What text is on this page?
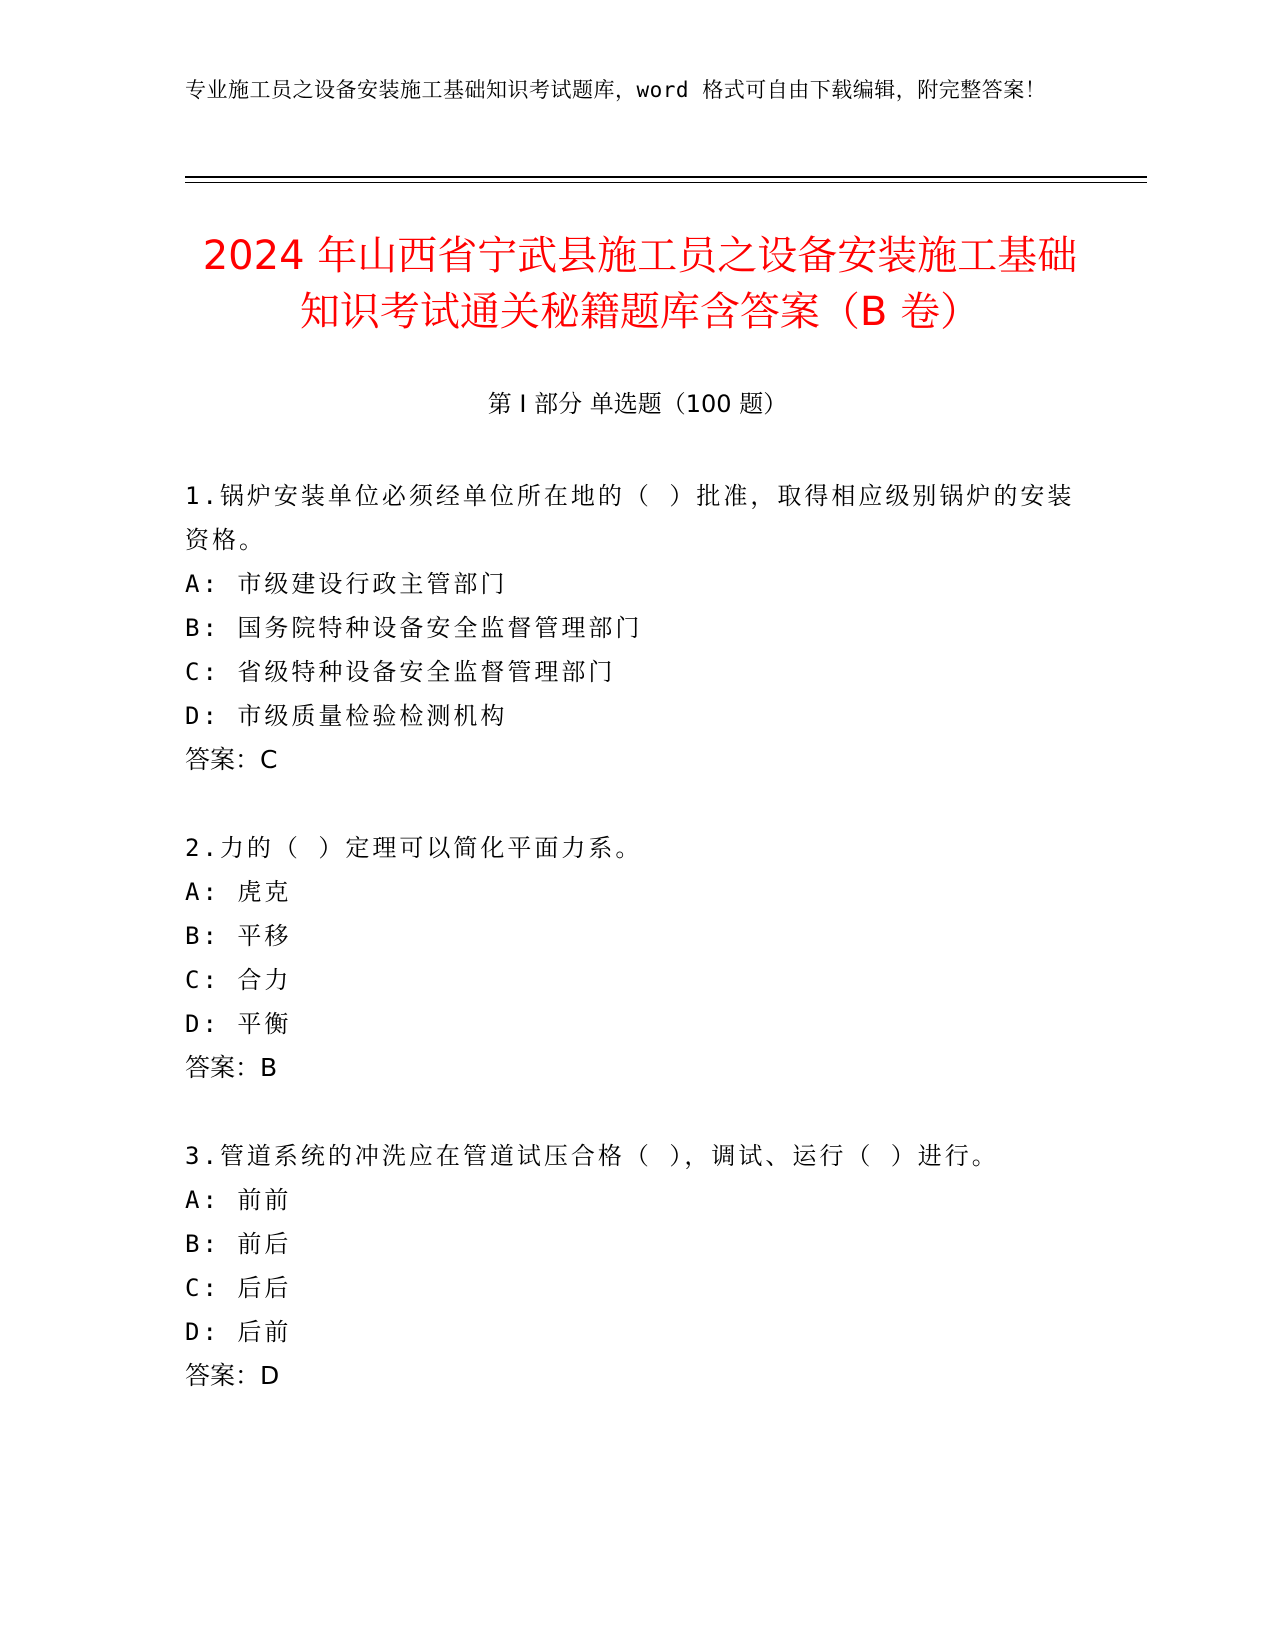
专业施工员之设备安装施工基础知识考试题库，word 格式可自由下载编辑，附完整答案！
2024 年山西省宁武县施工员之设备安装施工基础知识考试通关秘籍题库含答案（B 卷）
第 I 部分 单选题（100 题）

1.锅炉安装单位必须经单位所在地的（ ）批准，取得相应级别锅炉的安装资格。

A: 市级建设行政主管部门

B: 国务院特种设备安全监督管理部门

C: 省级特种设备安全监督管理部门

D: 市级质量检验检测机构

答案：C

2.力的（ ）定理可以简化平面力系。

A: 虎克

B: 平移

C: 合力

D: 平衡

答案：B

3.管道系统的冲洗应在管道试压合格（ ），调试、运行（ ）进行。

A: 前前

B: 前后

C: 后后

D: 后前

答案：D
